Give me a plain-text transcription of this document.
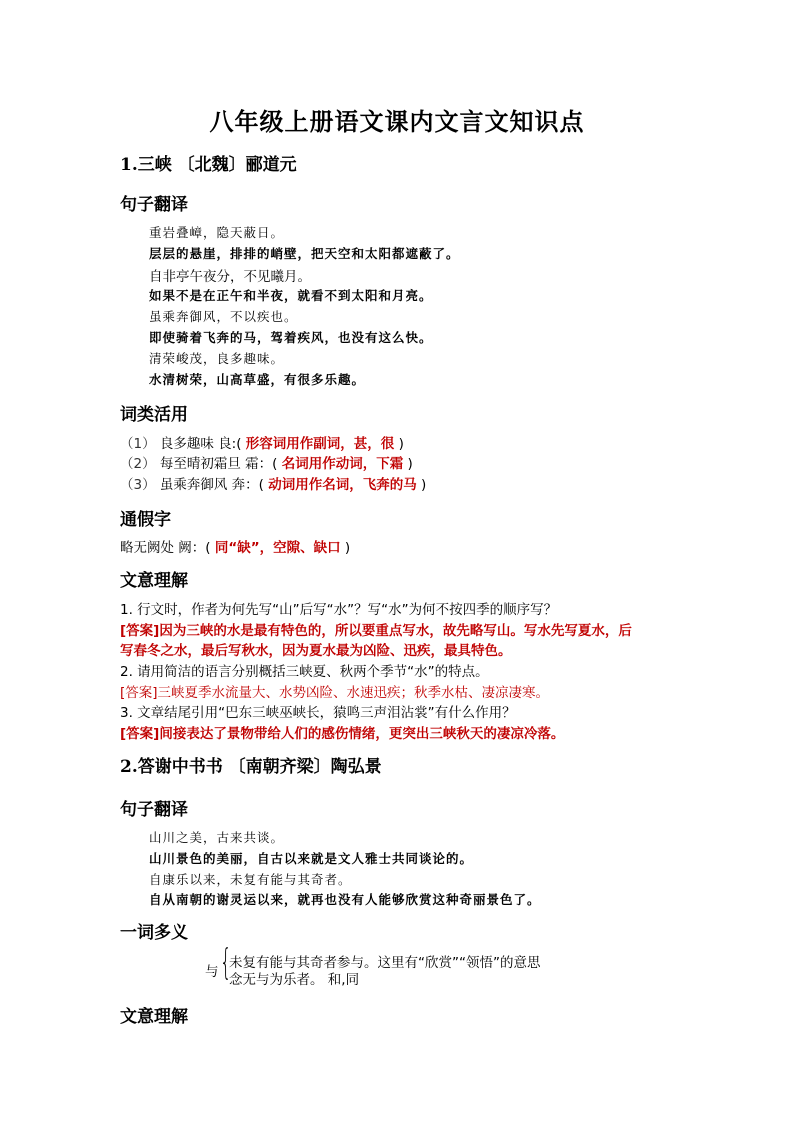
八年级上册语文课内文言文知识点
1.三峡 〔北魏〕郦道元
句子翻译
重岩叠嶂，隐天蔽日。
层层的悬崖，排排的峭壁，把天空和太阳都遮蔽了。
自非亭午夜分，不见曦月。
如果不是在正午和半夜，就看不到太阳和月亮。
虽乘奔御风，不以疾也。
即使骑着飞奔的马，驾着疾风，也没有这么快。
清荣峻茂，良多趣味。
水清树荣，山高草盛，有很多乐趣。
词类活用
（1） 良多趣味 良:( 形容词用作副词，甚，很 )
（2） 每至晴初霜旦 霜：( 名词用作动词，下霜 )
（3） 虽乘奔御风 奔：( 动词用作名词，飞奔的马 )
通假字
略无阙处 阙：( 同“缺”，空隙、缺口 )
文意理解
1. 行文时，作者为何先写“山”后写“水”？写“水”为何不按四季的顺序写？
[答案]因为三峡的水是最有特色的，所以要重点写水，故先略写山。写水先写夏水，后
写春冬之水，最后写秋水，因为夏水最为凶险、迅疾，最具特色。
2. 请用简洁的语言分别概括三峡夏、秋两个季节“水”的特点。
[答案]三峡夏季水流量大、水势凶险、水速迅疾；秋季水枯、凄凉凄寒。
3. 文章结尾引用“巴东三峡巫峡长，猿鸣三声泪沾裳”有什么作用？
[答案]间接表达了景物带给人们的感伤情绪，更突出三峡秋天的凄凉冷落。
2.答谢中书书 〔南朝齐梁〕陶弘景
句子翻译
山川之美，古来共谈。
山川景色的美丽，自古以来就是文人雅士共同谈论的。
自康乐以来，未复有能与其奇者。
自从南朝的谢灵运以来，就再也没有人能够欣赏这种奇丽景色了。
一词多义
与 {
未复有能与其奇者参与。这里有“欣赏”“领悟”的意思
念无与为乐者。 和,同
文意理解
